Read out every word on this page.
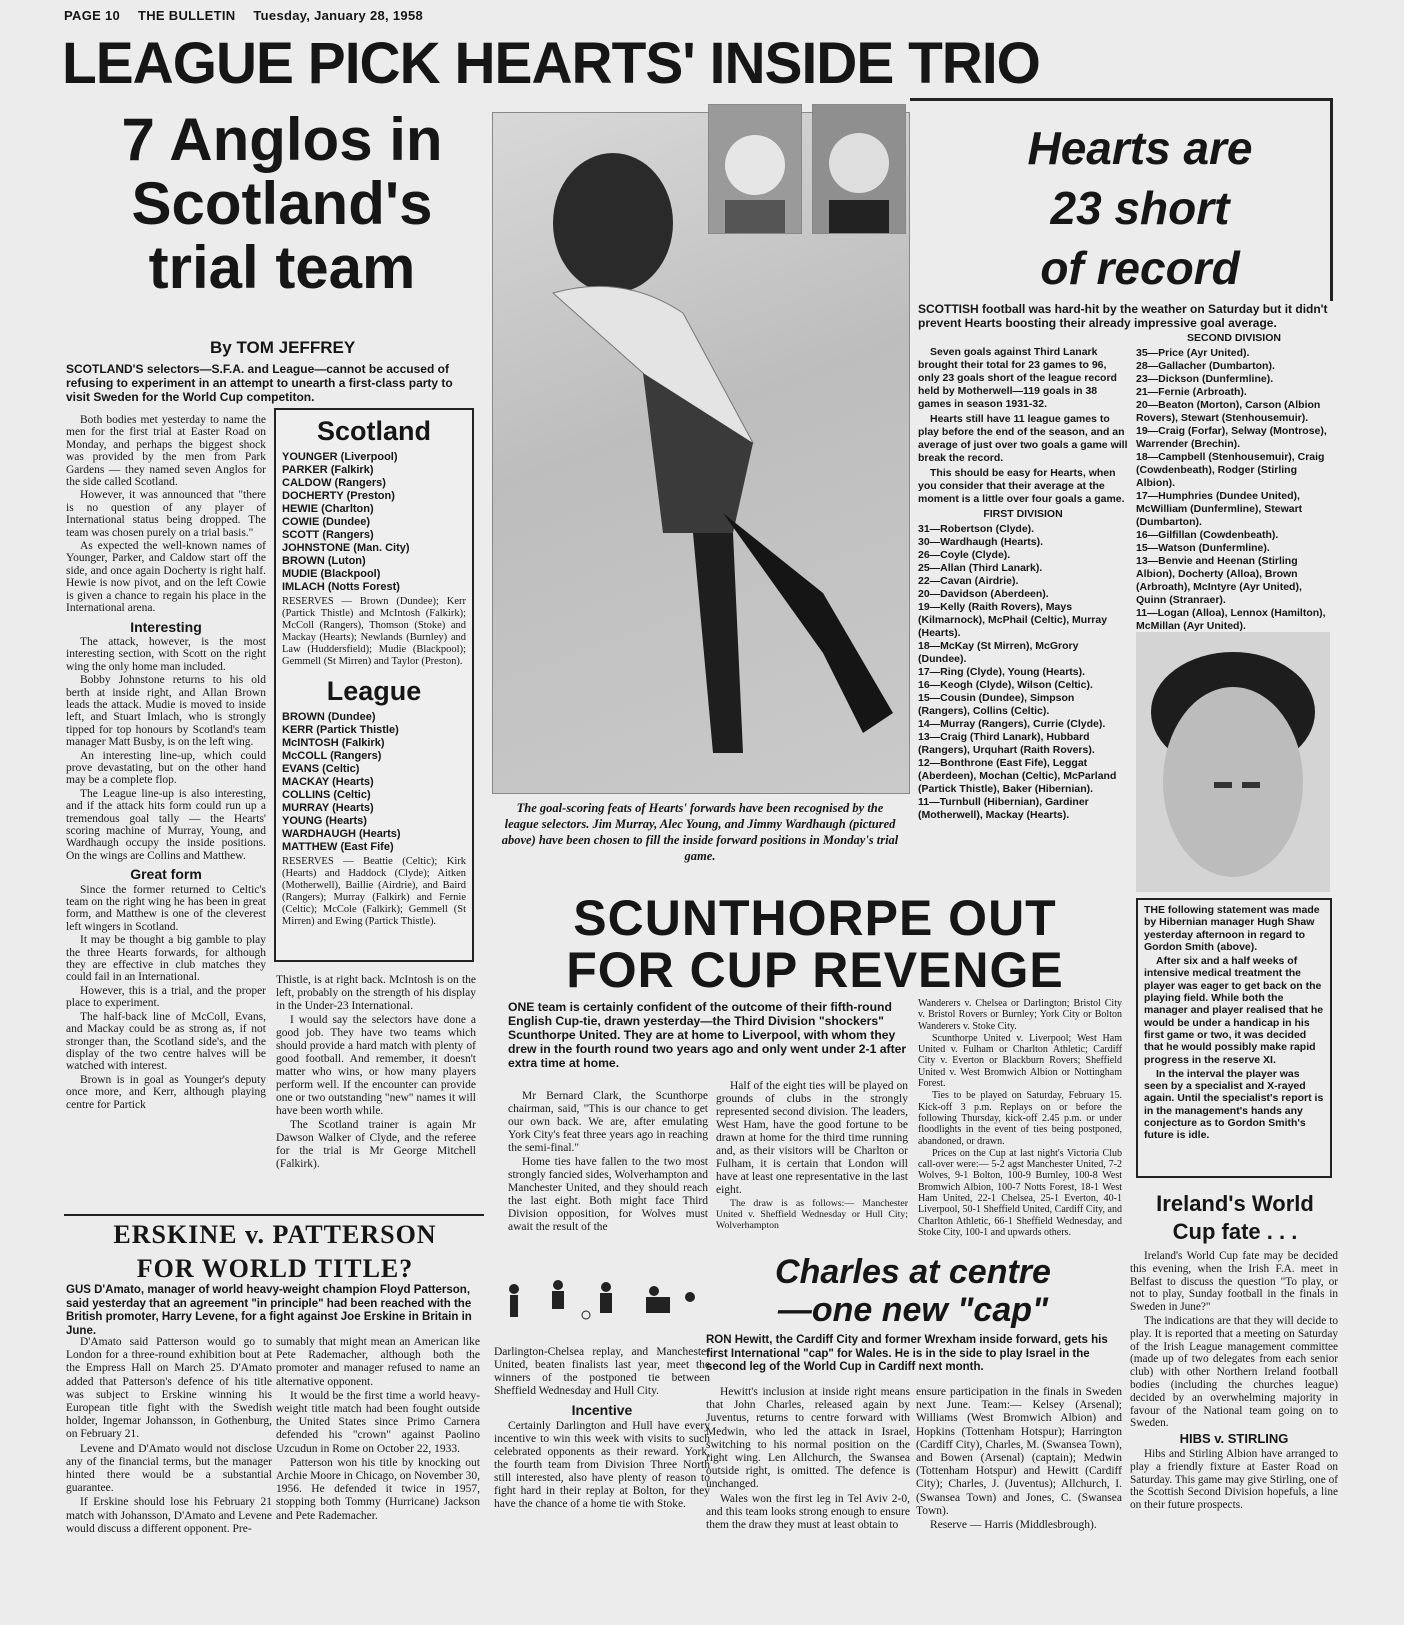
PAGE 10 THE BULLETIN Tuesday, January 28, 1958
LEAGUE PICK HEARTS' INSIDE TRIO
7 Anglos in
Scotland's
trial team
By TOM JEFFREY
SCOTLAND'S selectors—S.F.A. and League—cannot be accused of refusing to experiment in an attempt to unearth a first-class party to visit Sweden for the World Cup competiton.

Both bodies met yesterday to name the men for the first trial at Easter Road on Monday, and perhaps the biggest shock was provided by the men from Park Gardens — they named seven Anglos for the side called Scotland.

However, it was announced that "there is no question of any player of International status being dropped. The team was chosen purely on a trial basis."

As expected the well-known names of Younger, Parker, and Caldow start off the side, and once again Docherty is right half. Hewie is now pivot, and on the left Cowie is given a chance to regain his place in the International arena.

Interesting

The attack, however, is the most interesting section, with Scott on the right wing the only home man included.

Bobby Johnstone returns to his old berth at inside right, and Allan Brown leads the attack. Mudie is moved to inside left, and Stuart Imlach, who is strongly tipped for top honours by Scotland's team manager Matt Busby, is on the left wing.

An interesting line-up, which could prove devastating, but on the other hand may be a complete flop.

The League line-up is also interesting, and if the attack hits form could run up a tremendous goal tally — the Hearts' scoring machine of Murray, Young, and Wardhaugh occupy the inside positions. On the wings are Collins and Matthew.

Great form

Since the former returned to Celtic's team on the right wing he has been in great form, and Matthew is one of the cleverest left wingers in Scotland.

It may be thought a big gamble to play the three Hearts forwards, for although they are effective in club matches they could fail in an International.

However, this is a trial, and the proper place to experiment.

The half-back line of McColl, Evans, and Mackay could be as strong as, if not stronger than, the Scotland side's, and the display of the two centre halves will be watched with interest.

Brown is in goal as Younger's deputy once more, and Kerr, although playing centre for Partick

Scotland
YOUNGER (Liverpool)
PARKER (Falkirk)
CALDOW (Rangers)
DOCHERTY (Preston)
HEWIE (Charlton)
COWIE (Dundee)
SCOTT (Rangers)
JOHNSTONE (Man. City)
BROWN (Luton)
MUDIE (Blackpool)
IMLACH (Notts Forest)
RESERVES — Brown (Dundee); Kerr (Partick Thistle) and McIntosh (Falkirk); McColl (Rangers), Thomson (Stoke) and Mackay (Hearts); Newlands (Burnley) and Law (Huddersfield); Mudie (Blackpool); Gemmell (St Mirren) and Taylor (Preston).
League
BROWN (Dundee)
KERR (Partick Thistle)
McINTOSH (Falkirk)
McCOLL (Rangers)
EVANS (Celtic)
MACKAY (Hearts)
COLLINS (Celtic)
MURRAY (Hearts)
YOUNG (Hearts)
WARDHAUGH (Hearts)
MATTHEW (East Fife)
RESERVES — Beattie (Celtic); Kirk (Hearts) and Haddock (Clyde); Aitken (Motherwell), Baillie (Airdrie), and Baird (Rangers); Murray (Falkirk) and Fernie (Celtic); McCole (Falkirk); Gemmell (St Mirren) and Ewing (Partick Thistle).

Thistle, is at right back. McIntosh is on the left, probably on the strength of his display in the Under-23 International.

I would say the selectors have done a good job. They have two teams which should provide a hard match with plenty of good football. And remember, it doesn't matter who wins, or how many players perform well. If the encounter can provide one or two outstanding "new" names it will have been worth while.

The Scotland trainer is again Mr Dawson Walker of Clyde, and the referee for the trial is Mr George Mitchell (Falkirk).

The goal-scoring feats of Hearts' forwards have been recognised by the league selectors. Jim Murray, Alec Young, and Jimmy Wardhaugh (pictured above) have been chosen to fill the inside forward positions in Monday's trial game.
Hearts are
23 short
of record
SCOTTISH football was hard-hit by the weather on Saturday but it didn't prevent Hearts boosting their already impressive goal average.

Seven goals against Third Lanark brought their total for 23 games to 96, only 23 goals short of the league record held by Motherwell—119 goals in 38 games in season 1931-32.

Hearts still have 11 league games to play before the end of the season, and an average of just over two goals a game will break the record.

This should be easy for Hearts, when you consider that their average at the moment is a little over four goals a game.

FIRST DIVISION
31—Robertson (Clyde).
30—Wardhaugh (Hearts).
26—Coyle (Clyde).
25—Allan (Third Lanark).
22—Cavan (Airdrie).
20—Davidson (Aberdeen).
19—Kelly (Raith Rovers), Mays (Kilmarnock), McPhail (Celtic), Murray (Hearts).
18—McKay (St Mirren), McGrory (Dundee).
17—Ring (Clyde), Young (Hearts).
16—Keogh (Clyde), Wilson (Celtic).
15—Cousin (Dundee), Simpson (Rangers), Collins (Celtic).
14—Murray (Rangers), Currie (Clyde).
13—Craig (Third Lanark), Hubbard (Rangers), Urquhart (Raith Rovers).
12—Bonthrone (East Fife), Leggat (Aberdeen), Mochan (Celtic), McParland (Partick Thistle), Baker (Hibernian).
11—Turnbull (Hibernian), Gardiner (Motherwell), Mackay (Hearts).
SECOND DIVISION
35—Price (Ayr United).
28—Gallacher (Dumbarton).
23—Dickson (Dunfermline).
21—Fernie (Arbroath).
20—Beaton (Morton), Carson (Albion Rovers), Stewart (Stenhousemuir).
19—Craig (Forfar), Selway (Montrose), Warrender (Brechin).
18—Campbell (Stenhousemuir), Craig (Cowdenbeath), Rodger (Stirling Albion).
17—Humphries (Dundee United), McWilliam (Dunfermline), Stewart (Dumbarton).
16—Gilfillan (Cowdenbeath).
15—Watson (Dunfermline).
13—Benvie and Heenan (Stirling Albion), Docherty (Alloa), Brown (Arbroath), McIntyre (Ayr United), Quinn (Stranraer).
11—Logan (Alloa), Lennox (Hamilton), McMillan (Ayr United).

THE following statement was made by Hibernian manager Hugh Shaw yesterday afternoon in regard to Gordon Smith (above).

After six and a half weeks of intensive medical treatment the player was eager to get back on the playing field. While both the manager and player realised that he would be under a handicap in his first game or two, it was decided that he would possibly make rapid progress in the reserve XI.

In the interval the player was seen by a specialist and X-rayed again. Until the specialist's report is in the management's hands any conjecture as to Gordon Smith's future is idle.

SCUNTHORPE OUT
FOR CUP REVENGE
ONE team is certainly confident of the outcome of their fifth-round English Cup-tie, drawn yesterday—the Third Division "shockers" Scunthorpe United. They are at home to Liverpool, with whom they drew in the fourth round two years ago and only went under 2-1 after extra time at home.

Mr Bernard Clark, the Scunthorpe chairman, said, "This is our chance to get our own back. We are, after emulating York City's feat three years ago in reaching the semi-final."

Home ties have fallen to the two most strongly fancied sides, Wolverhampton and Manchester United, and they should reach the last eight. Both might face Third Division opposition, for Wolves must await the result of the

Darlington-Chelsea replay, and Manchester United, beaten finalists last year, meet the winners of the postponed tie between Sheffield Wednesday and Hull City.

Incentive

Certainly Darlington and Hull have every incentive to win this week with visits to such celebrated opponents as their reward. York, the fourth team from Division Three North still interested, also have plenty of reason to fight hard in their replay at Bolton, for they have the chance of a home tie with Stoke.

Half of the eight ties will be played on grounds of clubs in the strongly represented second division. The leaders, West Ham, have the good fortune to be drawn at home for the third time running and, as their visitors will be Charlton or Fulham, it is certain that London will have at least one representative in the last eight.

The draw is as follows:— Manchester United v. Sheffield Wednesday or Hull City; Wolverhampton

Wanderers v. Chelsea or Darlington; Bristol City v. Bristol Rovers or Burnley; York City or Bolton Wanderers v. Stoke City.

Scunthorpe United v. Liverpool; West Ham United v. Fulham or Charlton Athletic; Cardiff City v. Everton or Blackburn Rovers; Sheffield United v. West Bromwich Albion or Nottingham Forest.

Ties to be played on Saturday, February 15. Kick-off 3 p.m. Replays on or before the following Thursday, kick-off 2.45 p.m. or under floodlights in the event of ties being postponed, abandoned, or drawn.

Prices on the Cup at last night's Victoria Club call-over were:— 5-2 agst Manchester United, 7-2 Wolves, 9-1 Bolton, 100-9 Burnley, 100-8 West Bromwich Albion, 100-7 Notts Forest, 18-1 West Ham United, 22-1 Chelsea, 25-1 Everton, 40-1 Liverpool, 50-1 Sheffield United, Cardiff City, and Charlton Athletic, 66-1 Sheffield Wednesday, and Stoke City, 100-1 and upwards others.

ERSKINE v. PATTERSON
FOR WORLD TITLE?
GUS D'Amato, manager of world heavy-weight champion Floyd Patterson, said yesterday that an agreement "in principle" had been reached with the British promoter, Harry Levene, for a fight against Joe Erskine in Britain in June.

D'Amato said Patterson would go to London for a three-round exhibition bout at the Empress Hall on March 25. D'Amato added that Patterson's defence of his title was subject to Erskine winning his European title fight with the Swedish holder, Ingemar Johansson, in Gothenburg, on February 21.

Levene and D'Amato would not disclose any of the financial terms, but the manager hinted there would be a substantial guarantee.

If Erskine should lose his February 21 match with Johansson, D'Amato and Levene would discuss a different opponent. Pre-

sumably that might mean an American like Pete Rademacher, although both the promoter and manager refused to name an alternative opponent.

It would be the first time a world heavy-weight title match had been fought outside the United States since Primo Carnera defended his "crown" against Paolino Uzcudun in Rome on October 22, 1933.

Patterson won his title by knocking out Archie Moore in Chicago, on November 30, 1956. He defended it twice in 1957, stopping both Tommy (Hurricane) Jackson and Pete Rademacher.

Charles at centre
—one new "cap"
RON Hewitt, the Cardiff City and former Wrexham inside forward, gets his first International "cap" for Wales. He is in the side to play Israel in the second leg of the World Cup in Cardiff next month.

Hewitt's inclusion at inside right means that John Charles, released again by Juventus, returns to centre forward with Medwin, who led the attack in Israel, switching to his normal position on the right wing. Len Allchurch, the Swansea outside right, is omitted. The defence is unchanged.

Wales won the first leg in Tel Aviv 2-0, and this team looks strong enough to ensure them the draw they must at least obtain to

ensure participation in the finals in Sweden next June. Team:— Kelsey (Arsenal); Williams (West Bromwich Albion) and Hopkins (Tottenham Hotspur); Harrington (Cardiff City), Charles, M. (Swansea Town), and Bowen (Arsenal) (captain); Medwin (Tottenham Hotspur) and Hewitt (Cardiff City); Charles, J. (Juventus); Allchurch, I. (Swansea Town) and Jones, C. (Swansea Town).

Reserve — Harris (Middlesbrough).

Ireland's World
Cup fate . . .

Ireland's World Cup fate may be decided this evening, when the Irish F.A. meet in Belfast to discuss the question "To play, or not to play, Sunday football in the finals in Sweden in June?"

The indications are that they will decide to play. It is reported that a meeting on Saturday of the Irish League management committee (made up of two delegates from each senior club) with other Northern Ireland football bodies (including the churches league) decided by an overwhelming majority in favour of the National team going on to Sweden.

HIBS v. STIRLING

Hibs and Stirling Albion have arranged to play a friendly fixture at Easter Road on Saturday. This game may give Stirling, one of the Scottish Second Division hopefuls, a line on their future prospects.
